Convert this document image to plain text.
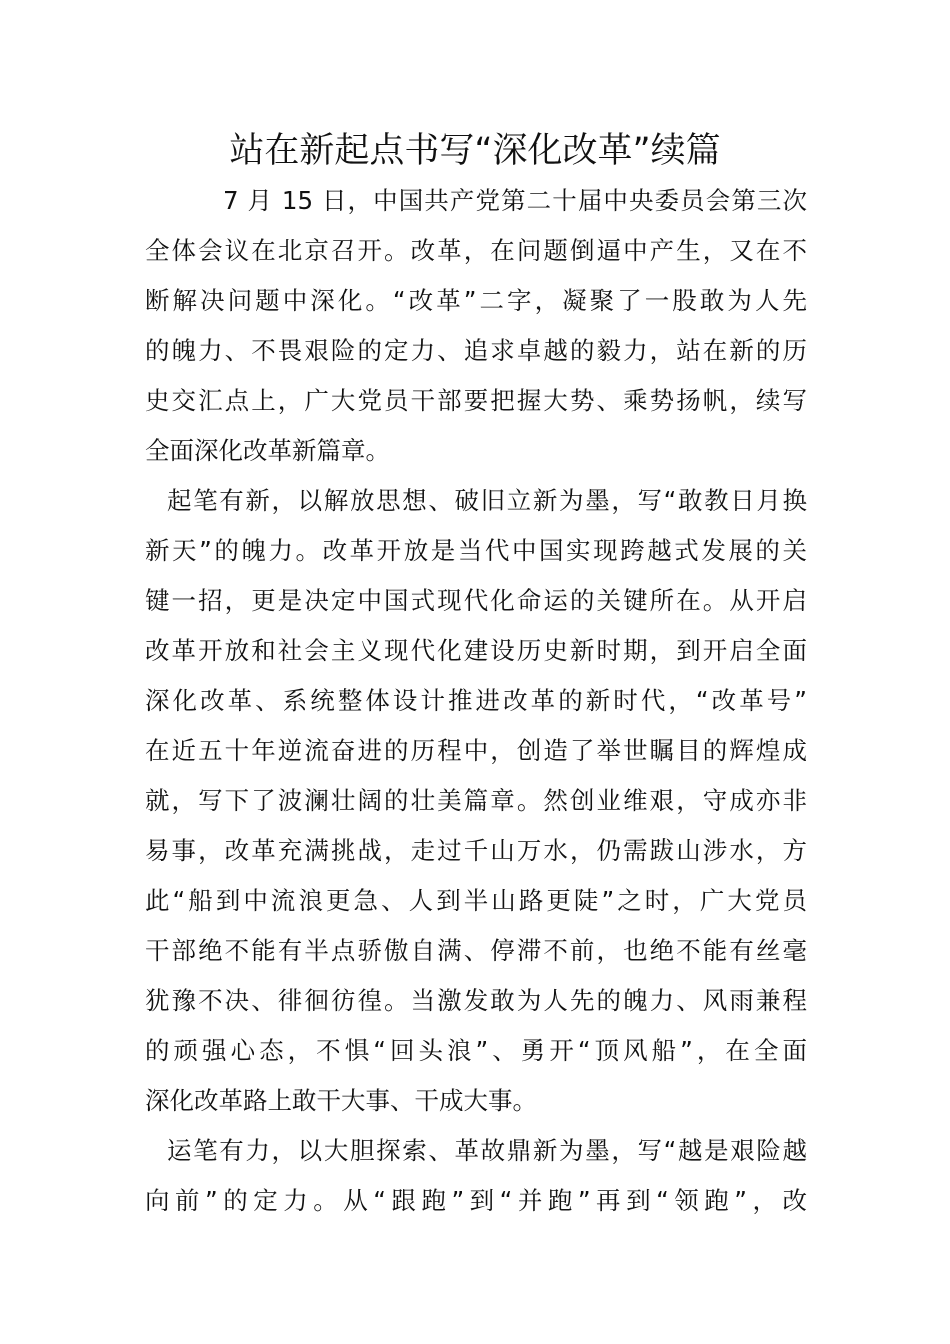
站在新起点书写“深化改革”续篇
7 月 15 日，中国共产党第二十届中央委员会第三次
全体会议在北京召开。改革，在问题倒逼中产生，又在不
断解决问题中深化。“改革”二字，凝聚了一股敢为人先
的魄力、不畏艰险的定力、追求卓越的毅力，站在新的历
史交汇点上，广大党员干部要把握大势、乘势扬帆，续写
全面深化改革新篇章。
起笔有新，以解放思想、破旧立新为墨，写“敢教日月换
新天”的魄力。改革开放是当代中国实现跨越式发展的关
键一招，更是决定中国式现代化命运的关键所在。从开启
改革开放和社会主义现代化建设历史新时期，到开启全面
深化改革、系统整体设计推进改革的新时代，“改革号”
在近五十年逆流奋进的历程中，创造了举世瞩目的辉煌成
就，写下了波澜壮阔的壮美篇章。然创业维艰，守成亦非
易事，改革充满挑战，走过千山万水，仍需跋山涉水，方
此“船到中流浪更急、人到半山路更陡”之时，广大党员
干部绝不能有半点骄傲自满、停滞不前，也绝不能有丝毫
犹豫不决、徘徊彷徨。当激发敢为人先的魄力、风雨兼程
的顽强心态，不惧“回头浪”、勇开“顶风船”，在全面
深化改革路上敢干大事、干成大事。
运笔有力，以大胆探索、革故鼎新为墨，写“越是艰险越
向前”的定力。从“跟跑”到“并跑”再到“领跑”，改
